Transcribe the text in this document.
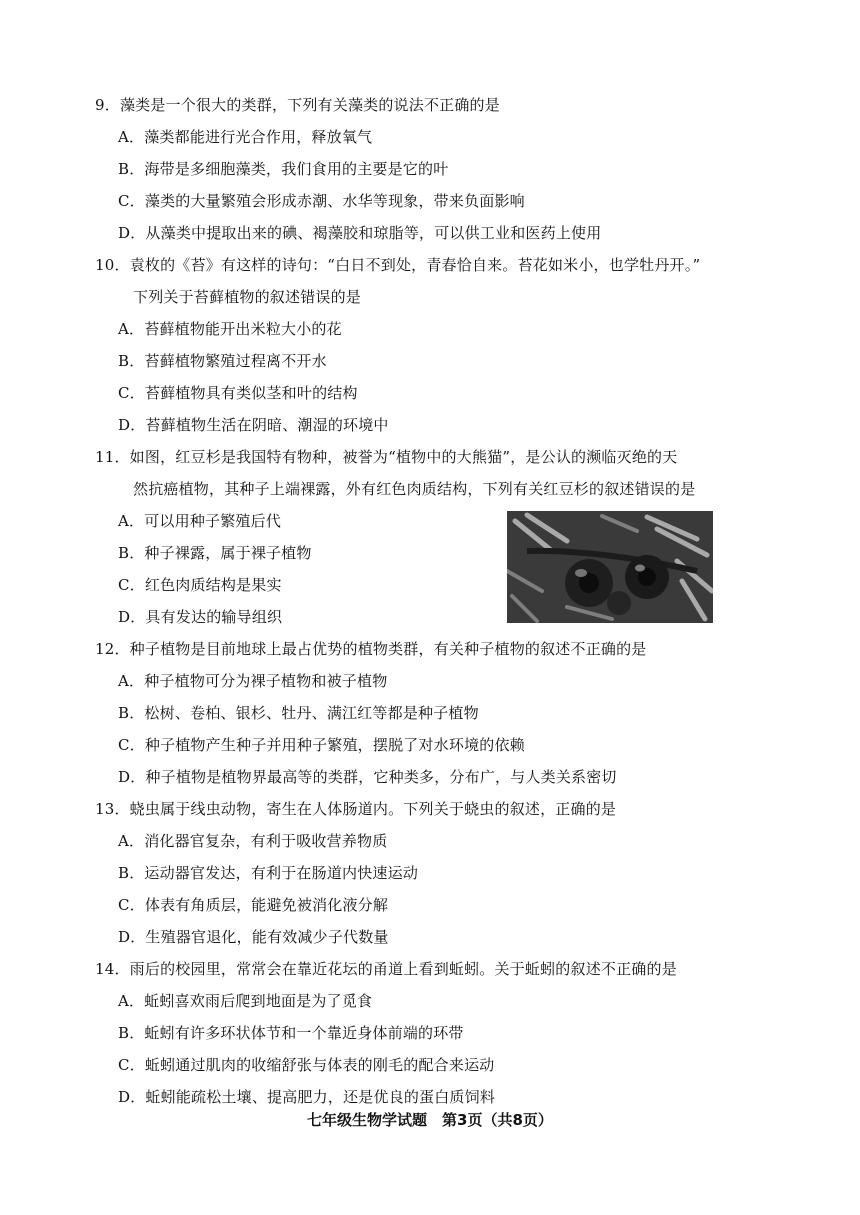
9．藻类是一个很大的类群，下列有关藻类的说法不正确的是
A．藻类都能进行光合作用，释放氧气
B．海带是多细胞藻类，我们食用的主要是它的叶
C．藻类的大量繁殖会形成赤潮、水华等现象，带来负面影响
D．从藻类中提取出来的碘、褐藻胶和琼脂等，可以供工业和医药上使用
10．袁枚的《苔》有这样的诗句：“白日不到处，青春恰自来。苔花如米小，也学牡丹开。”
下列关于苔藓植物的叙述错误的是
A．苔藓植物能开出米粒大小的花
B．苔藓植物繁殖过程离不开水
C．苔藓植物具有类似茎和叶的结构
D．苔藓植物生活在阴暗、潮湿的环境中
11．如图，红豆杉是我国特有物种，被誉为“植物中的大熊猫”，是公认的濒临灭绝的天
然抗癌植物，其种子上端裸露，外有红色肉质结构，下列有关红豆杉的叙述错误的是
A．可以用种子繁殖后代
B．种子裸露，属于裸子植物
C．红色肉质结构是果实
D．具有发达的输导组织
12．种子植物是目前地球上最占优势的植物类群，有关种子植物的叙述不正确的是
A．种子植物可分为裸子植物和被子植物
B．松树、卷柏、银杉、牡丹、满江红等都是种子植物
C．种子植物产生种子并用种子繁殖，摆脱了对水环境的依赖
D．种子植物是植物界最高等的类群，它种类多，分布广，与人类关系密切
13．蛲虫属于线虫动物，寄生在人体肠道内。下列关于蛲虫的叙述，正确的是
A．消化器官复杂，有利于吸收营养物质
B．运动器官发达，有利于在肠道内快速运动
C．体表有角质层，能避免被消化液分解
D．生殖器官退化，能有效减少子代数量
14．雨后的校园里，常常会在靠近花坛的甬道上看到蚯蚓。关于蚯蚓的叙述不正确的是
A．蚯蚓喜欢雨后爬到地面是为了觅食
B．蚯蚓有许多环状体节和一个靠近身体前端的环带
C．蚯蚓通过肌肉的收缩舒张与体表的刚毛的配合来运动
D．蚯蚓能疏松土壤、提高肥力，还是优良的蛋白质饲料
七年级生物学试题　第3页（共8页）
